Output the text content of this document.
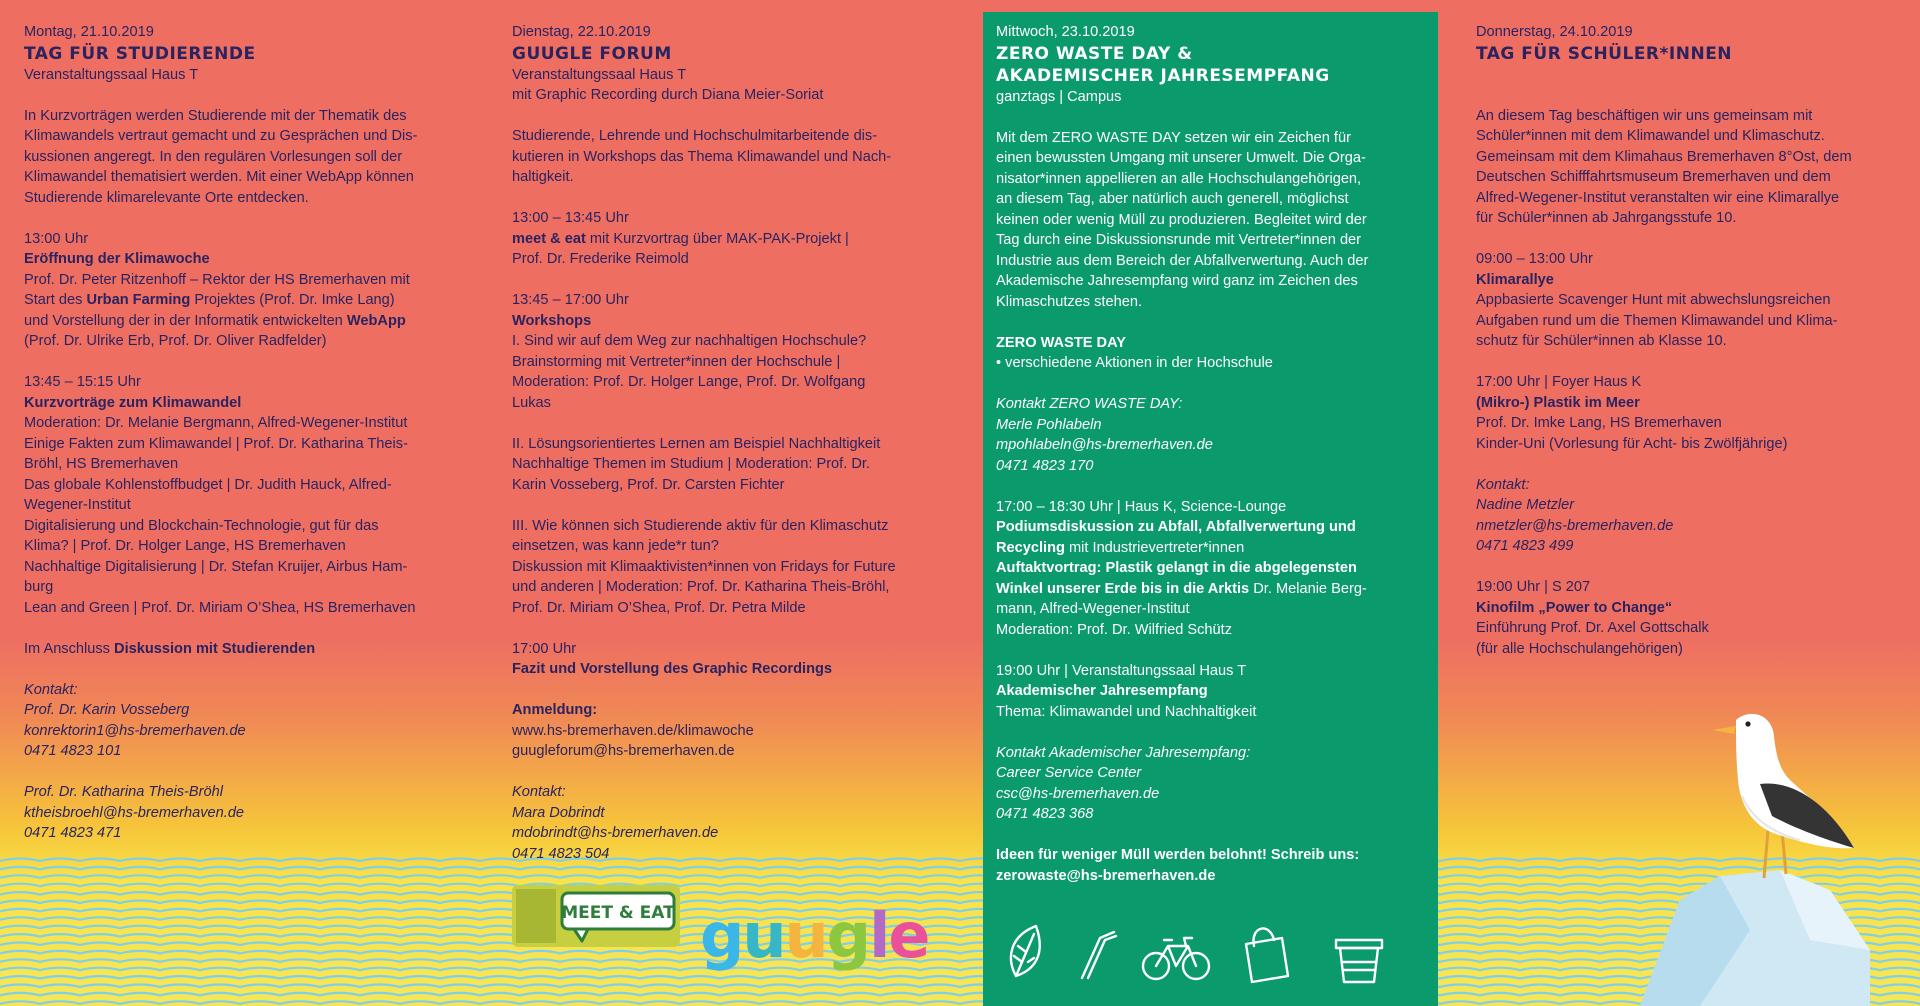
Montag, 21.10.2019

TAG FÜR STUDIERENDE

Veranstaltungssaal Haus T

In Kurzvorträgen werden Studierende mit der Thematik des

Klimawandels vertraut gemacht und zu Gesprächen und Dis-

kussionen angeregt. In den regulären Vorlesungen soll der

Klimawandel thematisiert werden. Mit einer WebApp können

Studierende klimarelevante Orte entdecken.

13:00 Uhr

Eröffnung der Klimawoche

Prof. Dr. Peter Ritzenhoff – Rektor der HS Bremerhaven mit

Start des Urban Farming Projektes (Prof. Dr. Imke Lang)

und Vorstellung der in der Informatik entwickelten WebApp

(Prof. Dr. Ulrike Erb, Prof. Dr. Oliver Radfelder)

13:45 – 15:15 Uhr

Kurzvorträge zum Klimawandel

Moderation: Dr. Melanie Bergmann, Alfred-Wegener-Institut

Einige Fakten zum Klimawandel | Prof. Dr. Katharina Theis-

Bröhl, HS Bremerhaven

Das globale Kohlenstoffbudget | Dr. Judith Hauck, Alfred-

Wegener-Institut

Digitalisierung und Blockchain-Technologie, gut für das

Klima? | Prof. Dr. Holger Lange, HS Bremerhaven

Nachhaltige Digitalisierung | Dr. Stefan Kruijer, Airbus Ham-

burg

Lean and Green | Prof. Dr. Miriam O’Shea, HS Bremerhaven

Im Anschluss Diskussion mit Studierenden

Kontakt:

Prof. Dr. Karin Vosseberg

konrektorin1@hs-bremerhaven.de

0471 4823 101

Prof. Dr. Katharina Theis-Bröhl

ktheisbroehl@hs-bremerhaven.de

0471 4823 471

Dienstag, 22.10.2019

GUUGLE FORUM

Veranstaltungssaal Haus T

mit Graphic Recording durch Diana Meier-Soriat

Studierende, Lehrende und Hochschulmitarbeitende dis-

kutieren in Workshops das Thema Klimawandel und Nach-

haltigkeit.

13:00 – 13:45 Uhr

meet & eat mit Kurzvortrag über MAK-PAK-Projekt |

Prof. Dr. Frederike Reimold

13:45 – 17:00 Uhr

Workshops

I. Sind wir auf dem Weg zur nachhaltigen Hochschule?

Brainstorming mit Vertreter*innen der Hochschule |

Moderation: Prof. Dr. Holger Lange, Prof. Dr. Wolfgang

Lukas

II. Lösungsorientiertes Lernen am Beispiel Nachhaltigkeit

Nachhaltige Themen im Studium | Moderation: Prof. Dr.

Karin Vosseberg, Prof. Dr. Carsten Fichter

III. Wie können sich Studierende aktiv für den Klimaschutz

einsetzen, was kann jede*r tun?

Diskussion mit Klimaaktivisten*innen von Fridays for Future

und anderen | Moderation: Prof. Dr. Katharina Theis-Bröhl,

Prof. Dr. Miriam O’Shea, Prof. Dr. Petra Milde

17:00 Uhr

Fazit und Vorstellung des Graphic Recordings

Anmeldung:

www.hs-bremerhaven.de/klimawoche

guugleforum@hs-bremerhaven.de

Kontakt:

Mara Dobrindt

mdobrindt@hs-bremerhaven.de

0471 4823 504

MEET & EAT guugle

Mittwoch, 23.10.2019

ZERO WASTE DAY &

AKADEMISCHER JAHRESEMPFANG

ganztags | Campus

Mit dem ZERO WASTE DAY setzen wir ein Zeichen für

einen bewussten Umgang mit unserer Umwelt. Die Orga-

nisator*innen appellieren an alle Hochschulangehörigen,

an diesem Tag, aber natürlich auch generell, möglichst

keinen oder wenig Müll zu produzieren. Begleitet wird der

Tag durch eine Diskussionsrunde mit Vertreter*innen der

Industrie aus dem Bereich der Abfallverwertung. Auch der

Akademische Jahresempfang wird ganz im Zeichen des

Klimaschutzes stehen.

ZERO WASTE DAY

• verschiedene Aktionen in der Hochschule

Kontakt ZERO WASTE DAY:

Merle Pohlabeln

mpohlabeln@hs-bremerhaven.de

0471 4823 170

17:00 – 18:30 Uhr | Haus K, Science-Lounge

Podiumsdiskussion zu Abfall, Abfallverwertung und

Recycling mit Industrievertreter*innen

Auftaktvortrag: Plastik gelangt in die abgelegensten

Winkel unserer Erde bis in die Arktis Dr. Melanie Berg-

mann, Alfred-Wegener-Institut

Moderation: Prof. Dr. Wilfried Schütz

19:00 Uhr | Veranstaltungssaal Haus T

Akademischer Jahresempfang

Thema: Klimawandel und Nachhaltigkeit

Kontakt Akademischer Jahresempfang:

Career Service Center

csc@hs-bremerhaven.de

0471 4823 368

Ideen für weniger Müll werden belohnt! Schreib uns:

zerowaste@hs-bremerhaven.de

Donnerstag, 24.10.2019

TAG FÜR SCHÜLER*INNEN

An diesem Tag beschäftigen wir uns gemeinsam mit

Schüler*innen mit dem Klimawandel und Klimaschutz.

Gemeinsam mit dem Klimahaus Bremerhaven 8°Ost, dem

Deutschen Schifffahrtsmuseum Bremerhaven und dem

Alfred-Wegener-Institut veranstalten wir eine Klimarallye

für Schüler*innen ab Jahrgangsstufe 10.

09:00 – 13:00 Uhr

Klimarallye

Appbasierte Scavenger Hunt mit abwechslungsreichen

Aufgaben rund um die Themen Klimawandel und Klima-

schutz für Schüler*innen ab Klasse 10.

17:00 Uhr | Foyer Haus K

(Mikro-) Plastik im Meer

Prof. Dr. Imke Lang, HS Bremerhaven

Kinder-Uni (Vorlesung für Acht- bis Zwölfjährige)

Kontakt:

Nadine Metzler

nmetzler@hs-bremerhaven.de

0471 4823 499

19:00 Uhr | S 207

Kinofilm „Power to Change“

Einführung Prof. Dr. Axel Gottschalk

(für alle Hochschulangehörigen)
